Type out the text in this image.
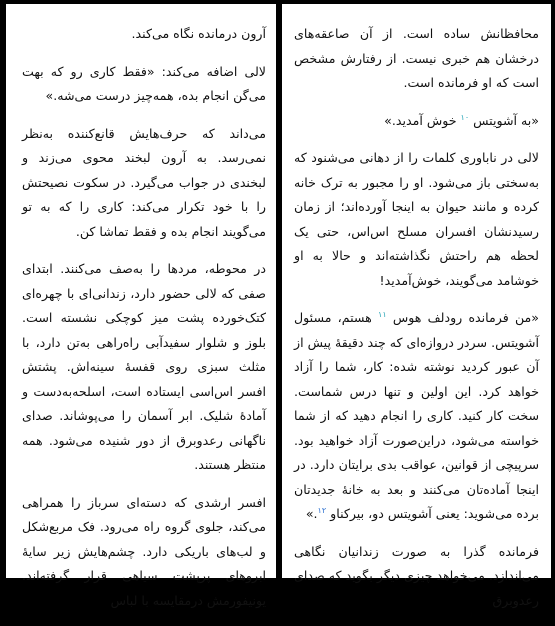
محافظانش ساده است. از آن صاعقه‌های درخشان هم خبری نیست. از رفتارش مشخص است که او فرمانده است.

«به آشویتس $^{۱۰}$ خوش آمدید.»

لالی در ناباوری کلمات را از دهانی می‌شنود که به‌سختی باز می‌شود. او را مجبور به ترک خانه کرده و مانند حیوان به اینجا آورده‌اند؛ از زمان رسیدنشان افسران مسلح اس‌اس، حتی یک لحظه هم راحتش نگذاشته‌اند و حالا به او خوشامد می‌گویند، خوش‌آمدید!

«من فرمانده رودلف هوس $^{۱۱}$ هستم، مسئول آشویتس. سردر دروازه‌ای که چند دقیقهٔ پیش از آن عبور کردید نوشته شده: کار، شما را آزاد خواهد کرد. این اولین و تنها درس شماست. سخت کار کنید. کاری را انجام دهید که از شما خواسته می‌شود، دراین‌صورت آزاد خواهید بود. سرپیچی از قوانین، عواقب بدی برایتان دارد. در اینجا آماده‌تان می‌کنند و بعد به خانهٔ جدیدتان برده می‌شوید: یعنی آشویتس دو، بیرکناو $^{۱۲}$.»

فرمانده گذرا به صورت زندانیان نگاهی می‌اندازد. می‌خواهد چیزی دیگر بگوید که صدای رعدوبرق

آرون درمانده نگاه می‌کند.

لالی اضافه می‌کند: «فقط کاری رو که بهت می‌گن انجام بده، همه‌چیز درست می‌شه.»

می‌داند که حرف‌هایش قانع‌کننده به‌نظر نمی‌رسد. به آرون لبخند محوی می‌زند و لبخندی در جواب می‌گیرد. در سکوت نصیحتش را با خود تکرار می‌کند: کاری را که به تو می‌گویند انجام بده و فقط تماشا کن.

در محوطه، مردها را به‌صف می‌کنند. ابتدای صفی که لالی حضور دارد، زندانی‌ای با چهره‌ای کتک‌خورده پشت میز کوچکی نشسته است. بلوز و شلوار سفیدآبی راه‌راهی به‌تن دارد، با مثلث سبزی روی قفسهٔ سینه‌اش. پشتش افسر اس‌اسی ایستاده است، اسلحه‌به‌دست و آمادهٔ شلیک. ابر آسمان را می‌پوشاند. صدای ناگهانی رعدوبرق از دور شنیده می‌شود. همه منتظر هستند.

افسر ارشدی که دسته‌ای سرباز را همراهی می‌کند، جلوی گروه راه می‌رود. فک مربع‌شکل و لب‌های باریکی دارد. چشم‌هایش زیر سایهٔ ابروهای پرپشت سیاهی قرار گرفته‌اند. یونیفورمش درمقایسه با لباس
